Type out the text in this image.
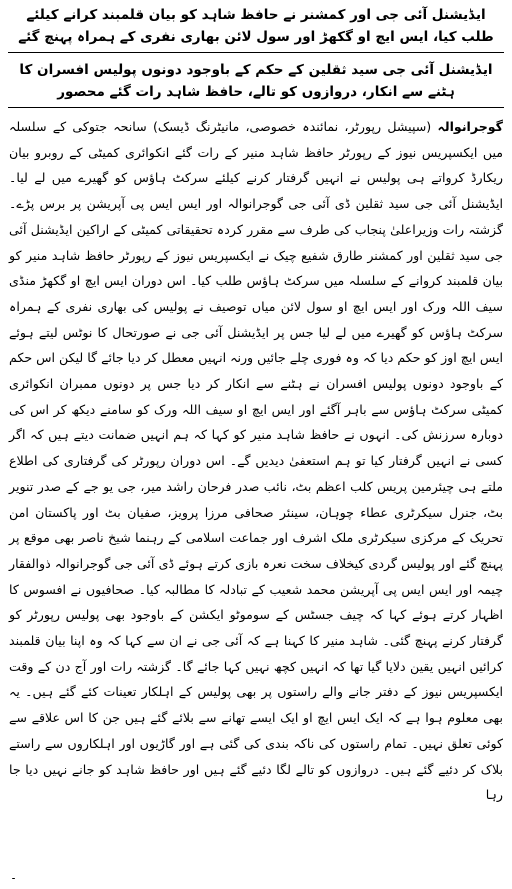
ایڈیشنل آئی جی اور کمشنر نے حافظ شاہد کو بیان قلمبند کرانے کیلئے طلب کیا، ایس ایچ او گکھڑ اور سول لائن بھاری نفری کے ہمراہ پہنچ گئے

ایڈیشنل آئی جی سید ثقلین کے حکم کے باوجود دونوں پولیس افسران کا ہٹنے سے انکار، دروازوں کو تالے، حافظ شاہد رات گئے محصور

گوجرانوالہ (سپیشل رپورٹر، نمائندہ خصوصی، مانیٹرنگ ڈیسک) سانحہ جتوکی کے سلسلہ میں ایکسپریس نیوز کے رپورٹر حافظ شاہد منیر کے رات گئے انکوائری کمیٹی کے روبرو بیان ریکارڈ کرواتے ہی پولیس نے انہیں گرفتار کرنے کیلئے سرکٹ ہاؤس کو گھیرے میں لے لیا۔ ایڈیشنل آئی جی سید ثقلین ڈی آئی جی گوجرانوالہ اور ایس ایس پی آپریشن پر برس پڑے۔ گزشتہ رات وزیراعلیٰ پنجاب کی طرف سے مقرر کردہ تحقیقاتی کمیٹی کے اراکین ایڈیشنل آئی جی سید ثقلین اور کمشنر طارق شفیع چیک نے ایکسپریس نیوز کے رپورٹر حافظ شاہد منیر کو بیان قلمبند کروانے کے سلسلہ میں سرکٹ ہاؤس طلب کیا۔ اس دوران ایس ایچ او گکھڑ منڈی سیف اللہ ورک اور ایس ایچ او سول لائن میاں توصیف نے پولیس کی بھاری نفری کے ہمراہ سرکٹ ہاؤس کو گھیرے میں لے لیا جس پر ایڈیشنل آئی جی نے صورتحال کا نوٹس لیتے ہوئے ایس ایچ اوز کو حکم دیا کہ وہ فوری چلے جائیں ورنہ انہیں معطل کر دیا جائے گا لیکن اس حکم کے باوجود دونوں پولیس افسران نے ہٹنے سے انکار کر دیا جس پر دونوں ممبران انکوائری کمیٹی سرکٹ ہاؤس سے باہر آگئے اور ایس ایچ او سیف اللہ ورک کو سامنے دیکھ کر اس کی دوبارہ سرزنش کی۔ انہوں نے حافظ شاہد منیر کو کہا کہ ہم انہیں ضمانت دیتے ہیں کہ اگر کسی نے انہیں گرفتار کیا تو ہم استعفیٰ دیدیں گے۔ اس دوران رپورٹر کی گرفتاری کی اطلاع ملتے ہی چیئرمین پریس کلب اعظم بٹ، نائب صدر فرحان راشد میر، جی یو جے کے صدر تنویر بٹ، جنرل سیکرٹری عطاء چوہان، سینئر صحافی مرزا پرویز، صفیان بٹ اور پاکستان امن تحریک کے مرکزی سیکرٹری ملک اشرف اور جماعت اسلامی کے رہنما شیخ ناصر بھی موقع پر پہنچ گئے اور پولیس گردی کیخلاف سخت نعرہ بازی کرتے ہوئے ڈی آئی جی گوجرانوالہ ذوالفقار چیمہ اور ایس ایس پی آپریشن محمد شعیب کے تبادلہ کا مطالبہ کیا۔ صحافیوں نے افسوس کا اظہار کرتے ہوئے کہا کہ چیف جسٹس کے سوموٹو ایکشن کے باوجود بھی پولیس رپورٹر کو گرفتار کرنے پہنچ گئی۔ شاہد منیر کا کہنا ہے کہ آئی جی نے ان سے کہا کہ وہ اپنا بیان قلمبند کرائیں انہیں یقین دلایا گیا تھا کہ انہیں کچھ نہیں کہا جائے گا۔ گزشتہ رات اور آج دن کے وقت ایکسپریس نیوز کے دفتر جانے والے راستوں پر بھی پولیس کے اہلکار تعینات کئے گئے ہیں۔ یہ بھی معلوم ہوا ہے کہ ایک ایس ایچ او ایک ایسے تھانے سے بلائے گئے ہیں جن کا اس علاقے سے کوئی تعلق نہیں۔ تمام راستوں کی ناکہ بندی کی گئی ہے اور گاڑیوں اور اہلکاروں سے راستے بلاک کر دئیے گئے ہیں۔ دروازوں کو تالے لگا دئیے گئے ہیں اور حافظ شاہد کو جانے نہیں دیا جا رہا

۔
